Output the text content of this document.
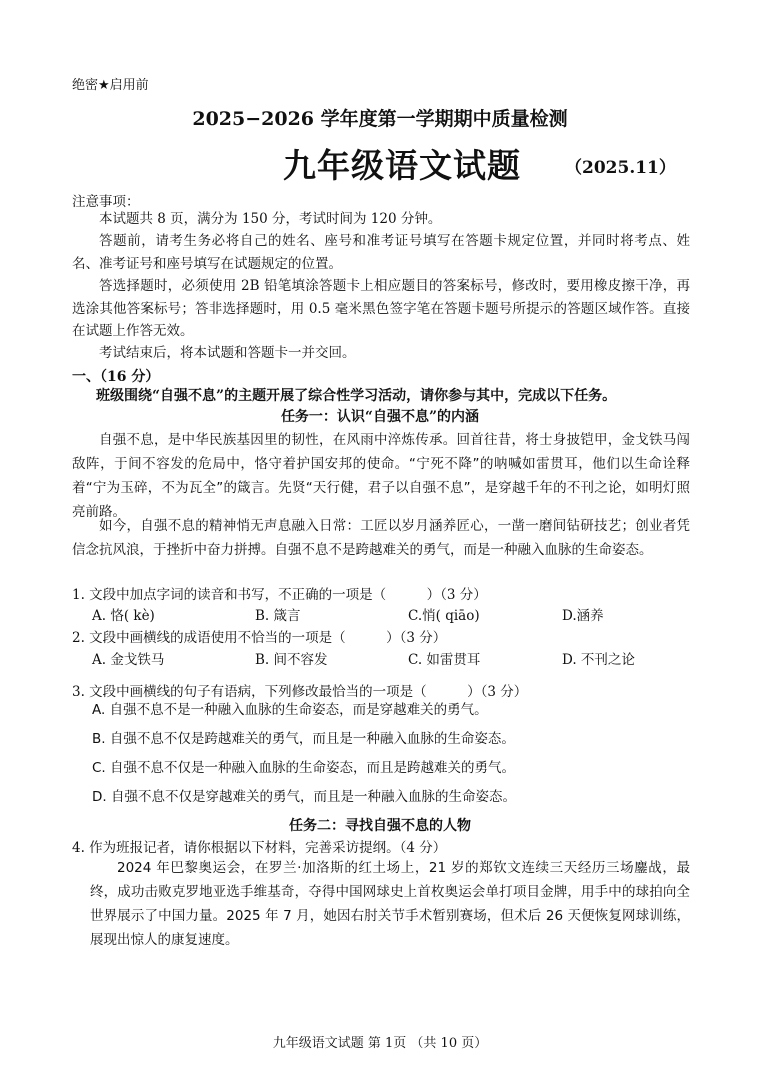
绝密★启用前
2025−2026 学年度第一学期期中质量检测
九年级语文试题	（2025.11）
注意事项：
本试题共 8 页，满分为 150 分，考试时间为 120 分钟。
答题前，请考生务必将自己的姓名、座号和准考证号填写在答题卡规定位置，并同时将考点、姓名、准考证号和座号填写在试题规定的位置。
答选择题时，必须使用 2B 铅笔填涂答题卡上相应题目的答案标号，修改时，要用橡皮擦干净，再选涂其他答案标号；答非选择题时，用 0.5 毫米黑色签字笔在答题卡题号所提示的答题区域作答。直接在试题上作答无效。
考试结束后，将本试题和答题卡一并交回。
一、（16 分）
班级围绕“自强不息”的主题开展了综合性学习活动，请你参与其中，完成以下任务。
任务一：认识“自强不息”的内涵
自强不息，是中华民族基因里的韧性，在风雨中淬炼传承。回首往昔，将士身披铠甲，金戈铁马闯敌阵，于间不容发的危局中，恪守着护国安邦的使命。“宁死不降”的呐喊如雷贯耳，他们以生命诠释着“宁为玉碎，不为瓦全”的箴言。先贤“天行健，君子以自强不息”，是穿越千年的不刊之论，如明灯照亮前路。
如今，自强不息的精神悄无声息融入日常：工匠以岁月涵养匠心，一凿一磨间钻研技艺；创业者凭信念抗风浪，于挫折中奋力拼搏。自强不息不是跨越难关的勇气，而是一种融入血脉的生命姿态。
1. 文段中加点字词的读音和书写，不正确的一项是（　　　）（3 分）
A. 恪( kè)	B. 箴言	C.悄( qiāo)	D.涵养
2. 文段中画横线的成语使用不恰当的一项是（　　　）（3 分）
A. 金戈铁马	B. 间不容发	C. 如雷贯耳	D. 不刊之论
3. 文段中画横线的句子有语病，下列修改最恰当的一项是（　　　）（3 分）
A. 自强不息不是一种融入血脉的生命姿态，而是穿越难关的勇气。
B. 自强不息不仅是跨越难关的勇气，而且是一种融入血脉的生命姿态。
C. 自强不息不仅是一种融入血脉的生命姿态，而且是跨越难关的勇气。
D. 自强不息不仅是穿越难关的勇气，而且是一种融入血脉的生命姿态。
任务二：寻找自强不息的人物
4. 作为班报记者，请你根据以下材料，完善采访提纲。（4 分）
2024 年巴黎奥运会，在罗兰·加洛斯的红土场上，21 岁的郑钦文连续三天经历三场鏖战，最终，成功击败克罗地亚选手维基奇，夺得中国网球史上首枚奥运会单打项目金牌，用手中的球拍向全世界展示了中国力量。2025 年 7 月，她因右肘关节手术暂别赛场，但术后 26 天便恢复网球训练，展现出惊人的康复速度。
九年级语文试题 第 1页 （共 10 页）
